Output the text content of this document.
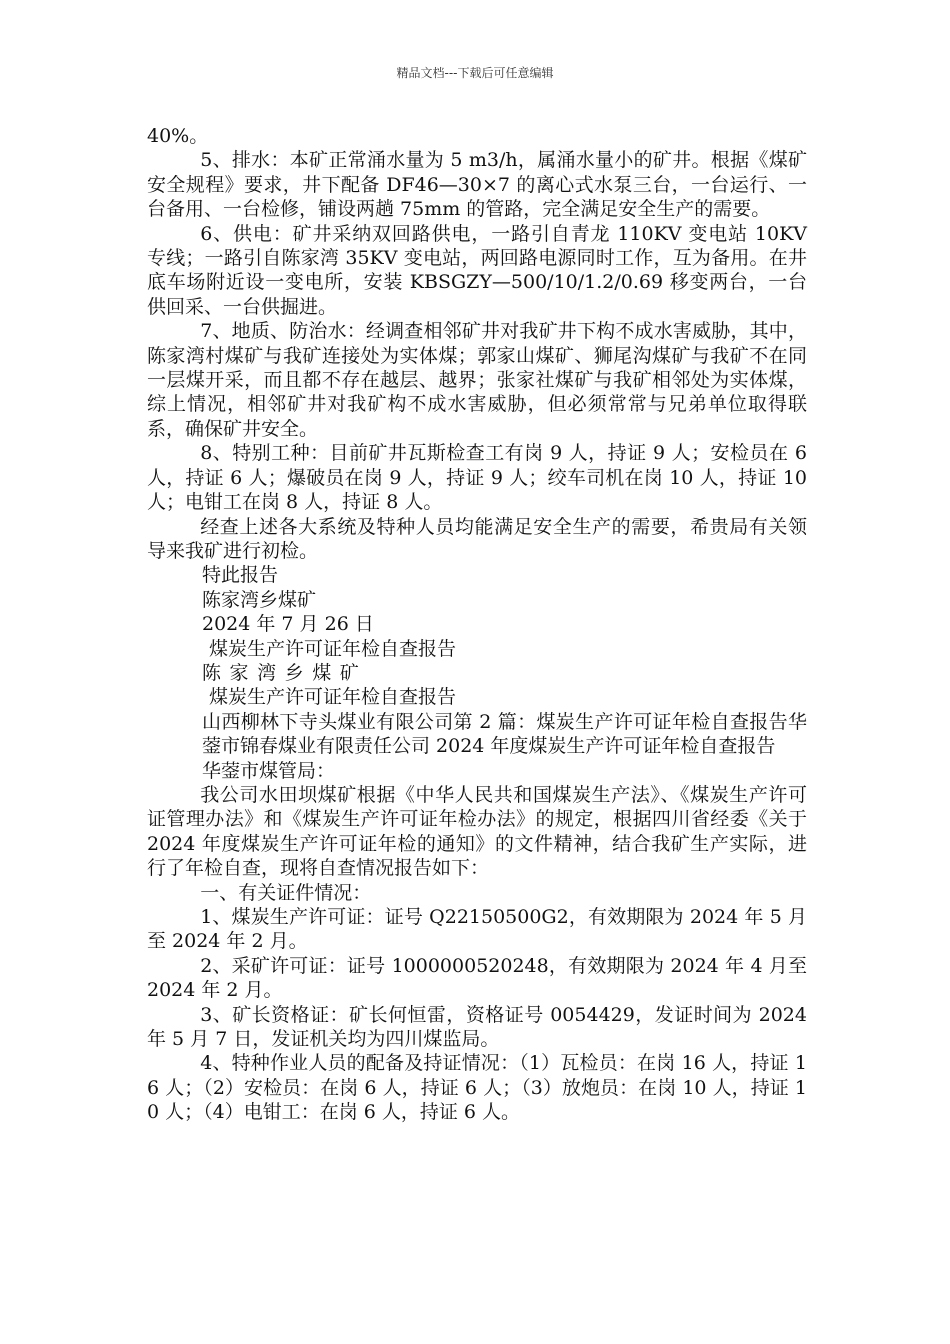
精品文档---下载后可任意编辑

40%。

5、排水：本矿正常涌水量为 5 m3/h，属涌水量小的矿井。根据《煤矿安全规程》要求，井下配备 DF46—30×7 的离心式水泵三台，一台运行、一台备用、一台检修，铺设两趟 75mm 的管路，完全满足安全生产的需要。

6、供电：矿井采纳双回路供电，一路引自青龙 110KV 变电站 10KV 专线；一路引自陈家湾 35KV 变电站，两回路电源同时工作，互为备用。在井底车场附近设一变电所，安装 KBSGZY—500/10/1.2/0.69 移变两台，一台供回采、一台供掘进。

7、地质、防治水：经调查相邻矿井对我矿井下构不成水害威胁，其中，陈家湾村煤矿与我矿连接处为实体煤；郭家山煤矿、狮尾沟煤矿与我矿不在同一层煤开采，而且都不存在越层、越界；张家社煤矿与我矿相邻处为实体煤，综上情况，相邻矿井对我矿构不成水害威胁，但必须常常与兄弟单位取得联系，确保矿井安全。

8、特别工种：目前矿井瓦斯检查工有岗 9 人，持证 9 人；安检员在 6 人，持证 6 人；爆破员在岗 9 人，持证 9 人；绞车司机在岗 10 人，持证 10 人；电钳工在岗 8 人，持证 8 人。

经查上述各大系统及特种人员均能满足安全生产的需要，希贵局有关领导来我矿进行初检。

特此报告

陈家湾乡煤矿

2024 年 7 月 26 日

煤炭生产许可证年检自查报告

陈家湾乡煤矿

煤炭生产许可证年检自查报告

山西柳林下寺头煤业有限公司第 2 篇：煤炭生产许可证年检自查报告华蓥市锦春煤业有限责任公司 2024 年度煤炭生产许可证年检自查报告

华蓥市煤管局：

我公司水田坝煤矿根据《中华人民共和国煤炭生产法》、《煤炭生产许可证管理办法》和《煤炭生产许可证年检办法》的规定，根据四川省经委《关于 2024 年度煤炭生产许可证年检的通知》的文件精神，结合我矿生产实际，进行了年检自查，现将自查情况报告如下：

一、有关证件情况：

1、煤炭生产许可证：证号 Q22150500G2，有效期限为 2024 年 5 月至 2024 年 2 月。

2、采矿许可证：证号 1000000520248，有效期限为 2024 年 4 月至 2024 年 2 月。

3、矿长资格证：矿长何恒雷，资格证号 0054429，发证时间为 2024 年 5 月 7 日，发证机关均为四川煤监局。

4、特种作业人员的配备及持证情况：（1）瓦检员：在岗 16 人，持证 16 人；（2）安检员：在岗 6 人，持证 6 人；（3）放炮员：在岗 10 人，持证 10 人；（4）电钳工：在岗 6 人，持证 6 人。
